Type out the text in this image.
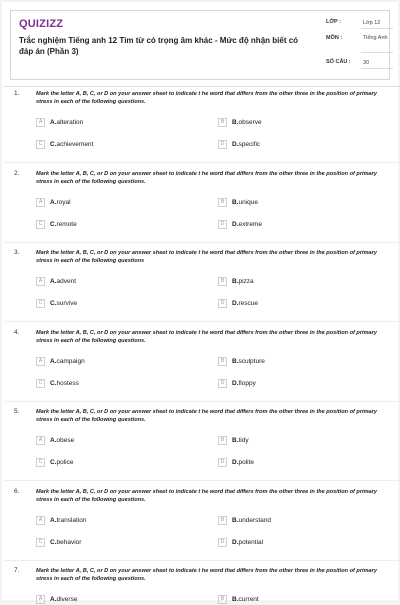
QUIZIZZ
Trắc nghiệm Tiếng anh 12 Tìm từ có trọng âm khác - Mức độ nhận biết có đáp án (Phần 3)
LỚP :	Lớp 12
MÔN :	Tiếng Anh
SỐ CÂU : 30
1.	Mark the letter A, B, C, or D on your answer sheet to indicate t he word that differs from the other three in the position of primary stress in each of the following questions.
A	A.alteration	B	B.observe
C	C.achievement	D	D.specific
2.	Mark the letter A, B, C, or D on your answer sheet to indicate t he word that differs from the other three in the position of primary stress in each of the following questions.
A	A.royal	B	B.unique
C	C.remote	D	D.extreme
3.	Mark the letter A, B, C, or D on your answer sheet to indicate t he word that differs from the other three in the position of primary stress in each of the following questions
A	A.advent	B	B.pizza
C	C.survive	D	D.rescue
4.	Mark the letter A, B, C, or D on your answer sheet to indicate t he word that differs from the other three in the position of primary stress in each of the following questions.
A	A.campaign	B	B.sculpture
C	C.hostess	D	D.floppy
5.	Mark the letter A, B, C, or D on your answer sheet to indicate t he word that differs from the other three in the position of primary stress in each of the following questions.
A	A.obese	B	B.tidy
C	C.police	D	D.polite
6.	Mark the letter A, B, C, or D on your answer sheet to indicate t he word that differs from the other three in the position of primary stress in each of the following questions.
A	A.translation	B	B.understand
C	C.behavior	D	D.potential
7.	Mark the letter A, B, C, or D on your answer sheet to indicate t he word that differs from the other three in the position of primary stress in each of the following questions.
A	A.diverse	B	B.current
